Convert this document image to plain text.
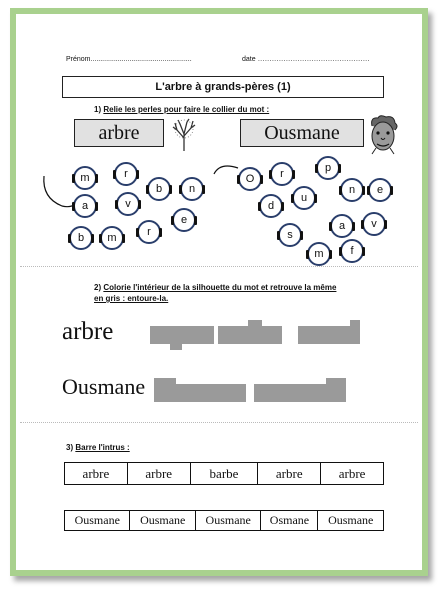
Prénom....................................................	date …………………………………………
L'arbre à grands-pères (1)
1) Relie les perles pour faire le collier du mot :
arbre	Ousmane
m	r
b	n
a	v
e
b	m	r
O	r	p
n	e
d
u
a	v
s
m	f
2) Colorie l'intérieur de la silhouette du mot et retrouve la même
en gris : entoure-la.
arbre
Ousmane
3) Barre l'intrus :
arbre	arbre	barbe	arbre	arbre
Ousmane	Ousmane	Ousmane	Osmane	Ousmane
